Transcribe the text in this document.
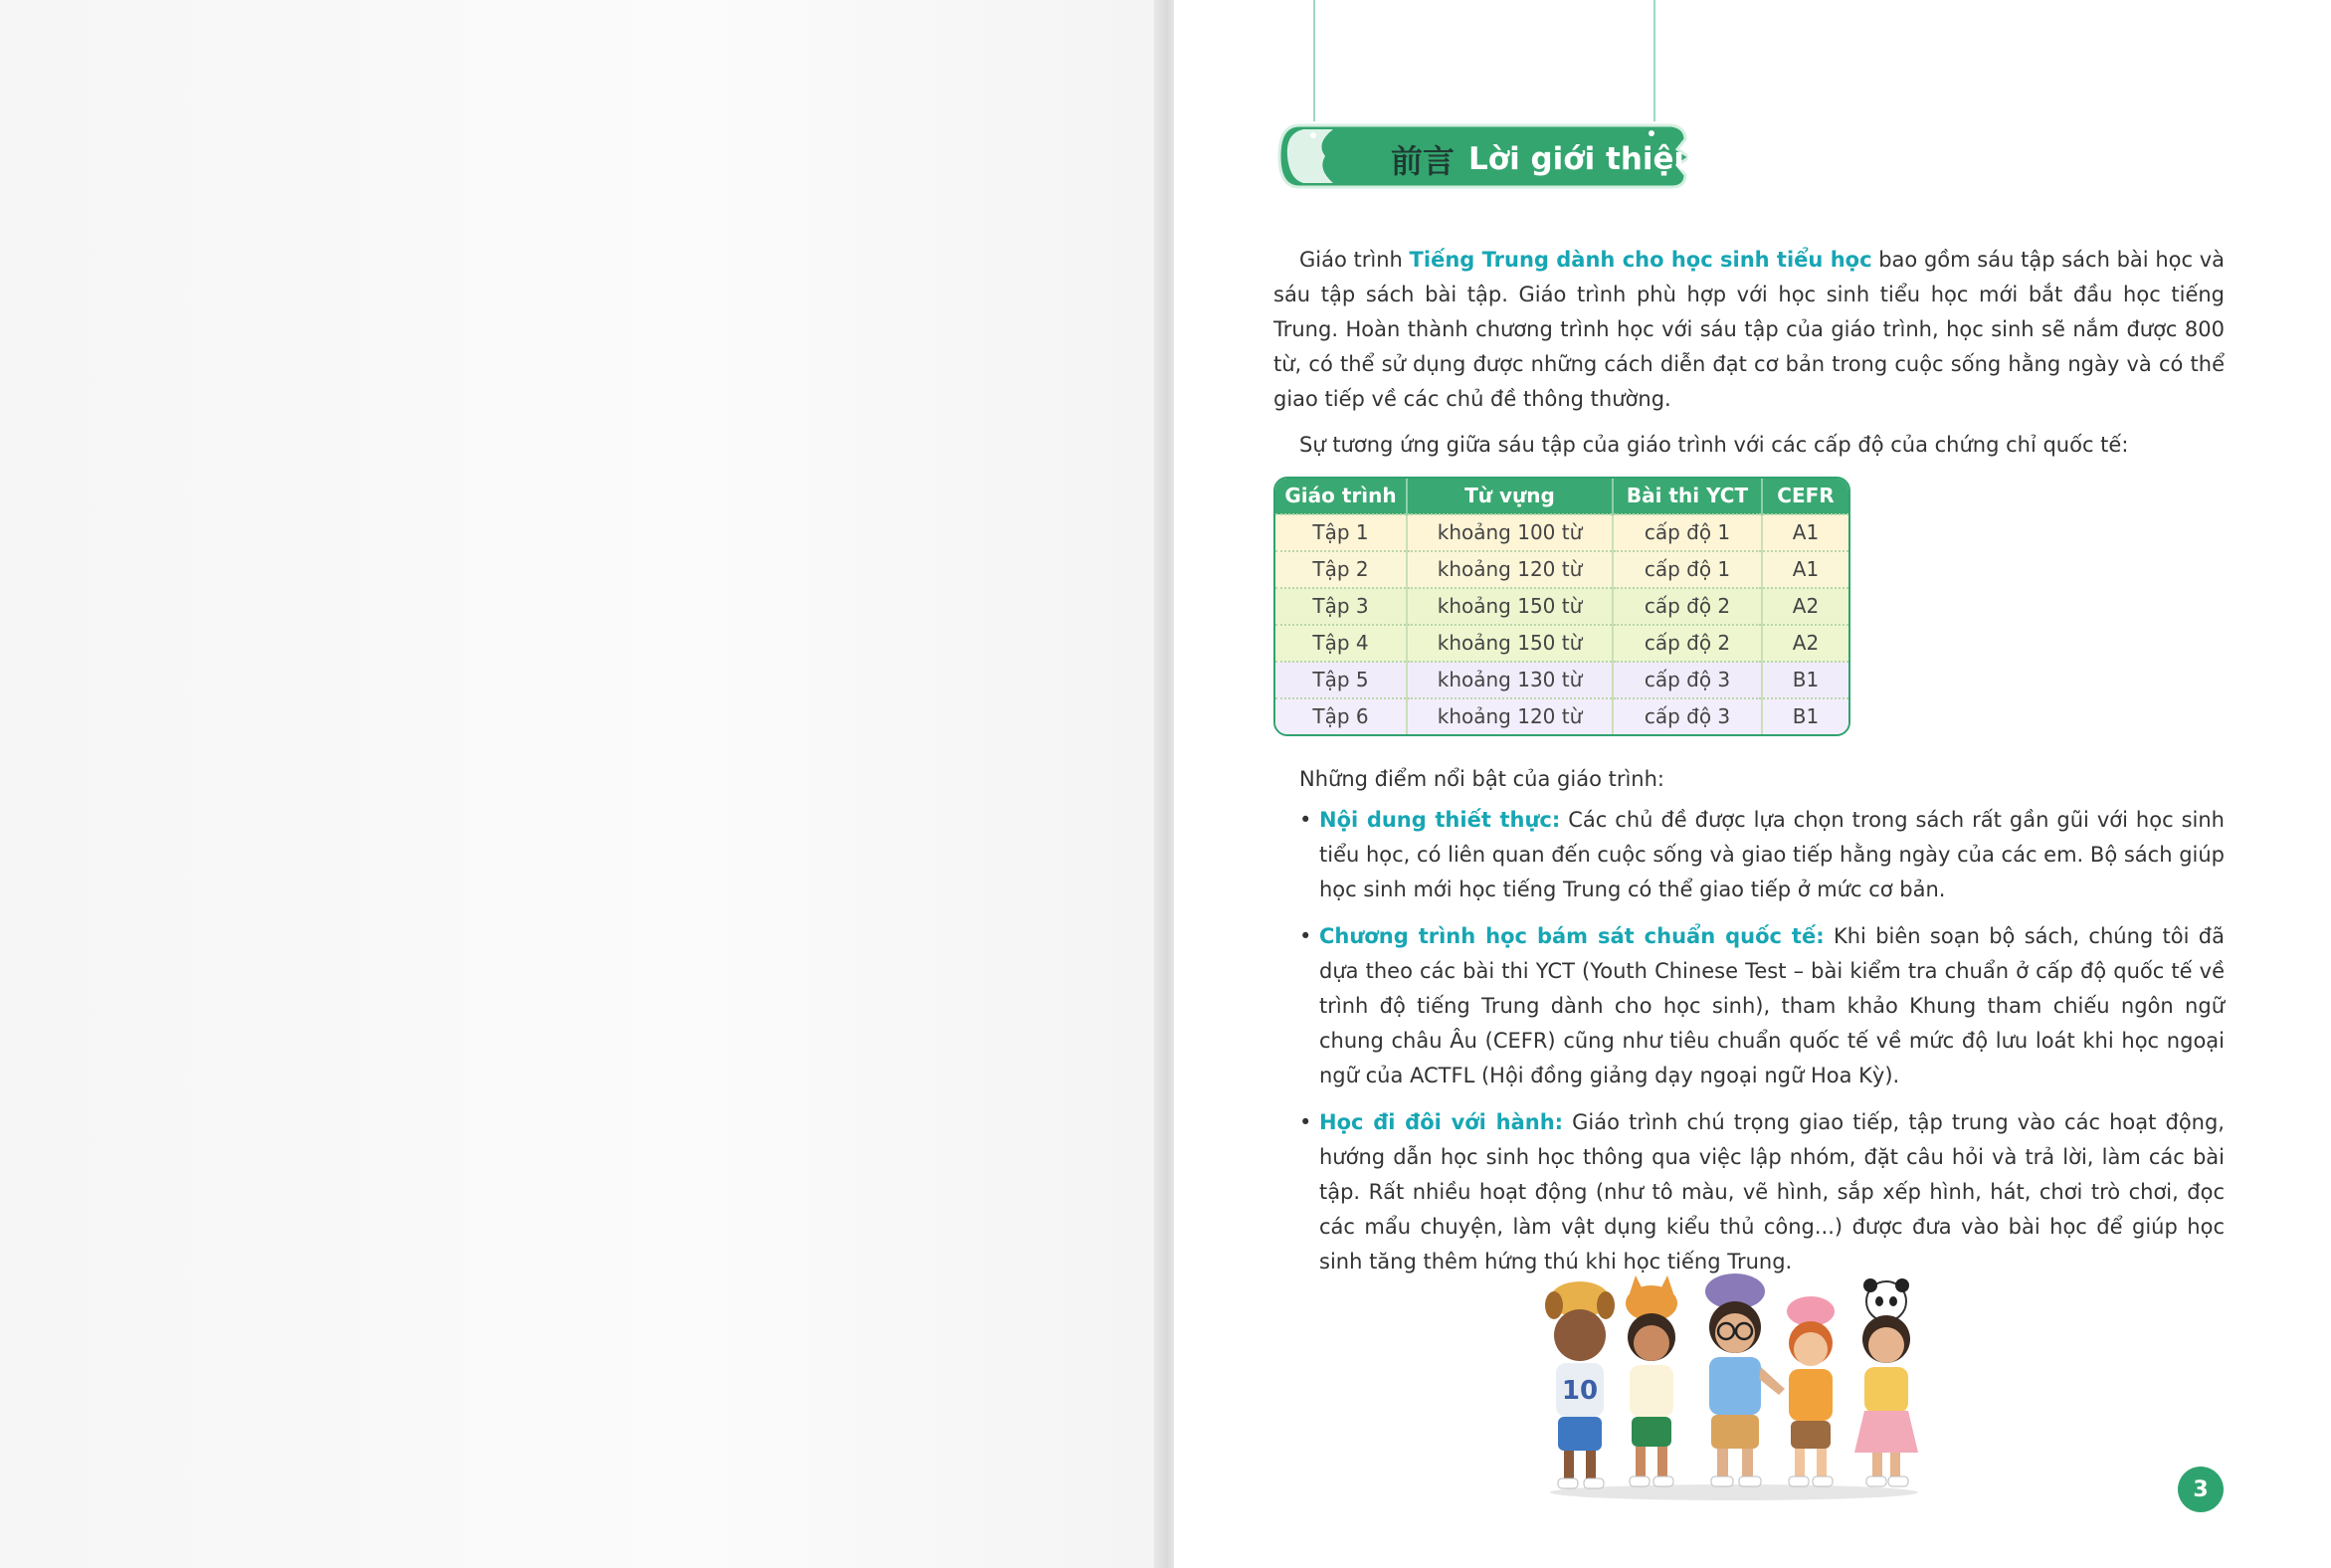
前言 Lời giới thiệu

Giáo trình Tiếng Trung dành cho học sinh tiểu học bao gồm sáu tập sách bài học và sáu tập sách bài tập. Giáo trình phù hợp với học sinh tiểu học mới bắt đầu học tiếng Trung. Hoàn thành chương trình học với sáu tập của giáo trình, học sinh sẽ nắm được 800 từ, có thể sử dụng được những cách diễn đạt cơ bản trong cuộc sống hằng ngày và có thể giao tiếp về các chủ đề thông thường.

Sự tương ứng giữa sáu tập của giáo trình với các cấp độ của chứng chỉ quốc tế:

Giáo trình	Từ vựng	Bài thi YCT	CEFR
Tập 1	khoảng 100 từ	cấp độ 1	A1
Tập 2	khoảng 120 từ	cấp độ 1	A1
Tập 3	khoảng 150 từ	cấp độ 2	A2
Tập 4	khoảng 150 từ	cấp độ 2	A2
Tập 5	khoảng 130 từ	cấp độ 3	B1
Tập 6	khoảng 120 từ	cấp độ 3	B1

Những điểm nổi bật của giáo trình:

• Nội dung thiết thực: Các chủ đề được lựa chọn trong sách rất gần gũi với học sinh tiểu học, có liên quan đến cuộc sống và giao tiếp hằng ngày của các em. Bộ sách giúp học sinh mới học tiếng Trung có thể giao tiếp ở mức cơ bản.
• Chương trình học bám sát chuẩn quốc tế: Khi biên soạn bộ sách, chúng tôi đã dựa theo các bài thi YCT (Youth Chinese Test – bài kiểm tra chuẩn ở cấp độ quốc tế về trình độ tiếng Trung dành cho học sinh), tham khảo Khung tham chiếu ngôn ngữ chung châu Âu (CEFR) cũng như tiêu chuẩn quốc tế về mức độ lưu loát khi học ngoại ngữ của ACTFL (Hội đồng giảng dạy ngoại ngữ Hoa Kỳ).
• Học đi đôi với hành: Giáo trình chú trọng giao tiếp, tập trung vào các hoạt động, hướng dẫn học sinh học thông qua việc lập nhóm, đặt câu hỏi và trả lời, làm các bài tập. Rất nhiều hoạt động (như tô màu, vẽ hình, sắp xếp hình, hát, chơi trò chơi, đọc các mẩu chuyện, làm vật dụng kiểu thủ công...) được đưa vào bài học để giúp học sinh tăng thêm hứng thú khi học tiếng Trung.
10
3
